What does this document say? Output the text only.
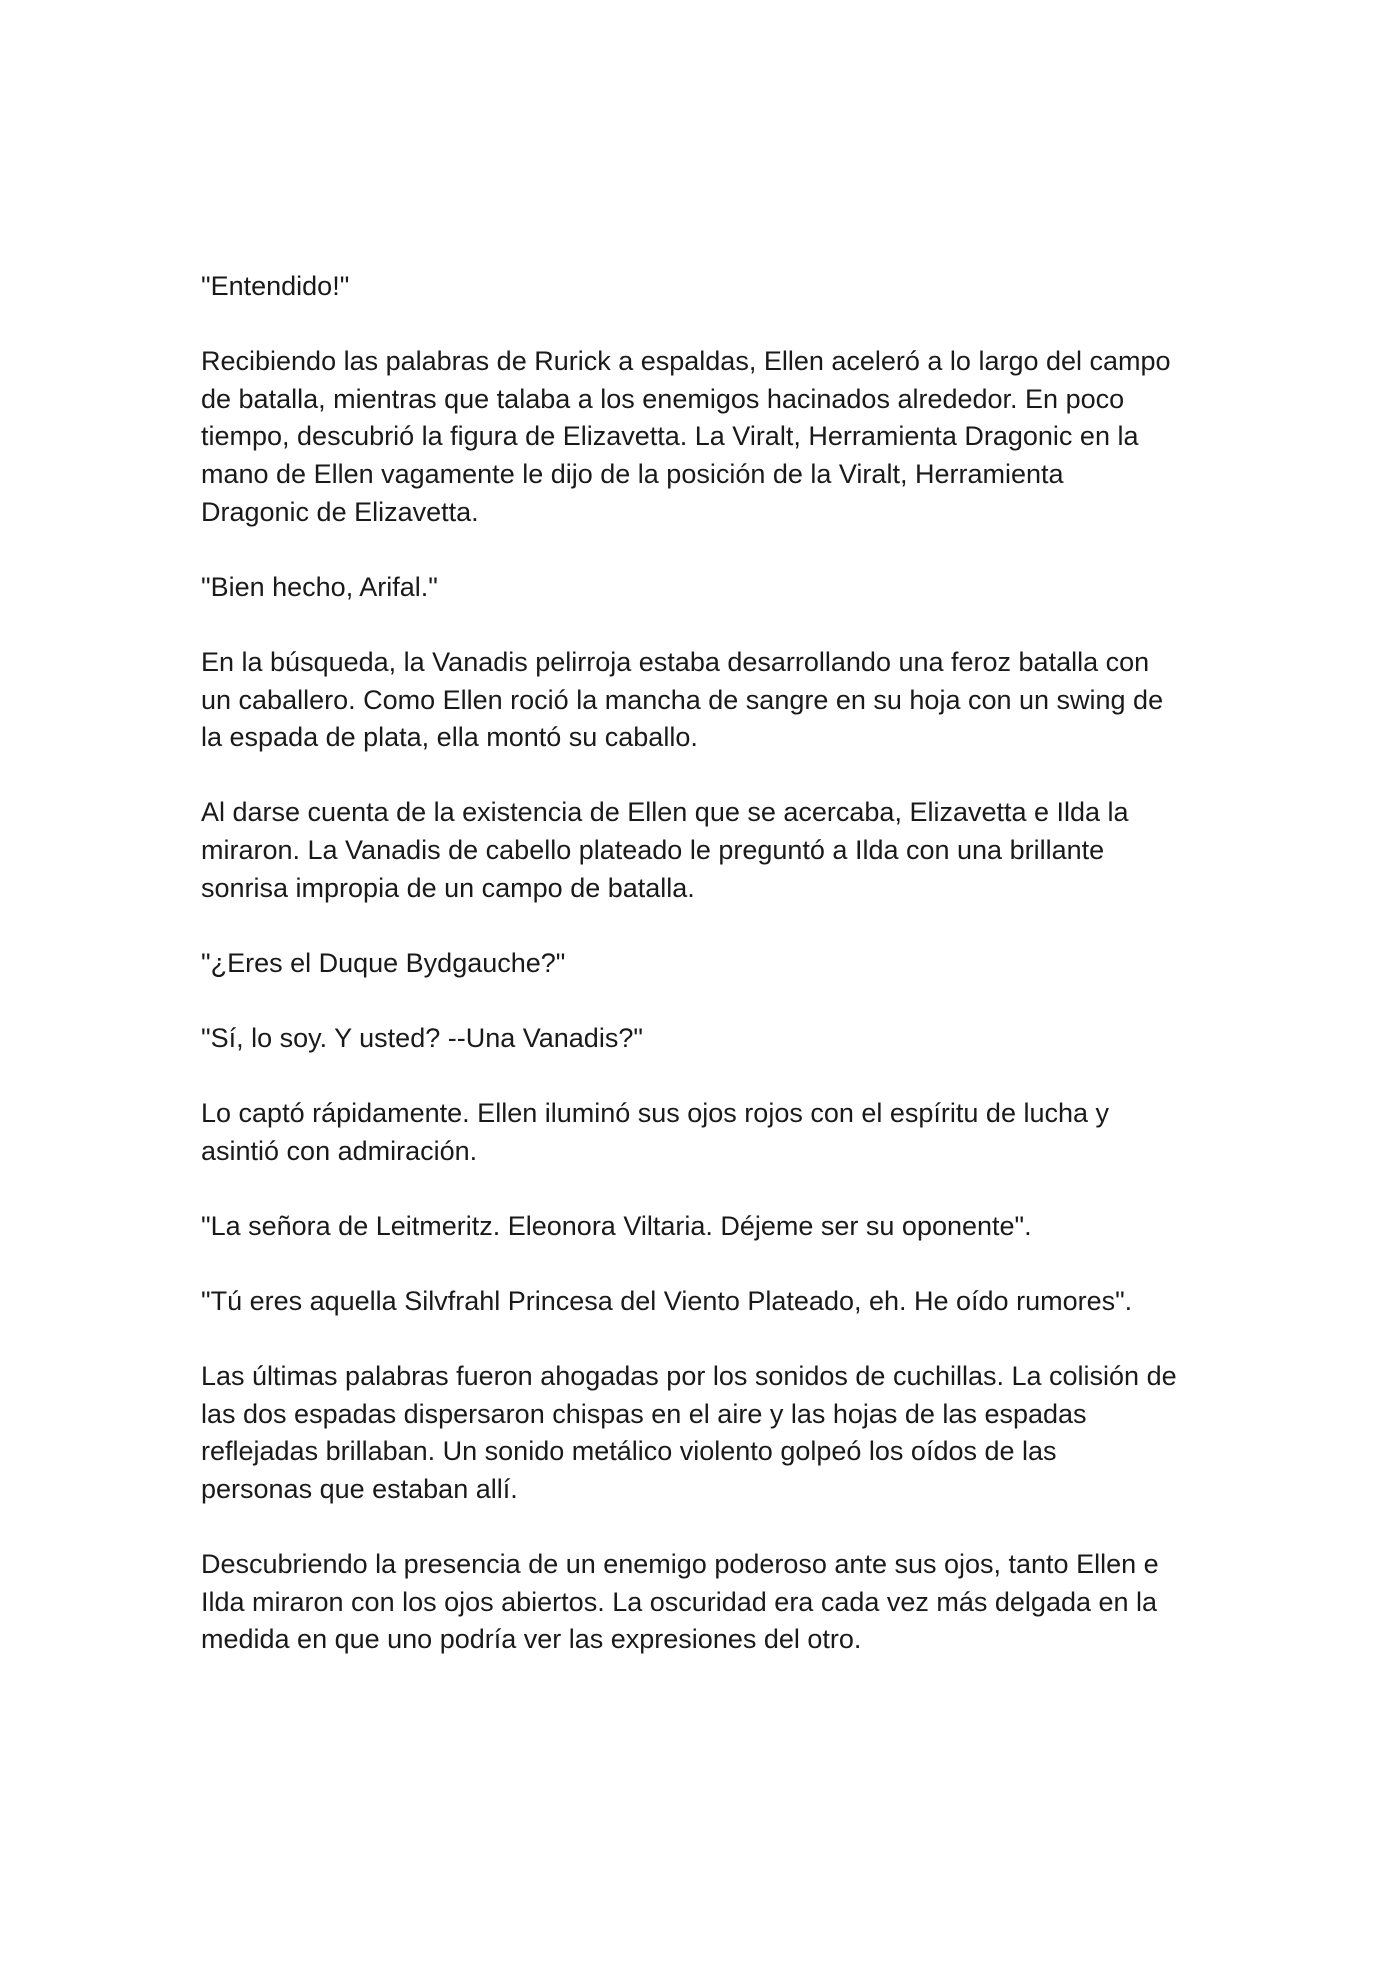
"Entendido!"

Recibiendo las palabras de Rurick a espaldas, Ellen aceleró a lo largo del campo
de batalla, mientras que talaba a los enemigos hacinados alrededor. En poco
tiempo, descubrió la figura de Elizavetta. La Viralt, Herramienta Dragonic en la
mano de Ellen vagamente le dijo de la posición de la Viralt, Herramienta
Dragonic de Elizavetta.

"Bien hecho, Arifal."

En la búsqueda, la Vanadis pelirroja estaba desarrollando una feroz batalla con
un caballero. Como Ellen roció la mancha de sangre en su hoja con un swing de
la espada de plata, ella montó su caballo.

Al darse cuenta de la existencia de Ellen que se acercaba, Elizavetta e Ilda la
miraron. La Vanadis de cabello plateado le preguntó a Ilda con una brillante
sonrisa impropia de un campo de batalla.

"¿Eres el Duque Bydgauche?"

"Sí, lo soy. Y usted? --Una Vanadis?"

Lo captó rápidamente. Ellen iluminó sus ojos rojos con el espíritu de lucha y
asintió con admiración.

"La señora de Leitmeritz. Eleonora Viltaria. Déjeme ser su oponente".

"Tú eres aquella Silvfrahl Princesa del Viento Plateado, eh. He oído rumores".

Las últimas palabras fueron ahogadas por los sonidos de cuchillas. La colisión de
las dos espadas dispersaron chispas en el aire y las hojas de las espadas
reflejadas brillaban. Un sonido metálico violento golpeó los oídos de las
personas que estaban allí.

Descubriendo la presencia de un enemigo poderoso ante sus ojos, tanto Ellen e
Ilda miraron con los ojos abiertos. La oscuridad era cada vez más delgada en la
medida en que uno podría ver las expresiones del otro.
